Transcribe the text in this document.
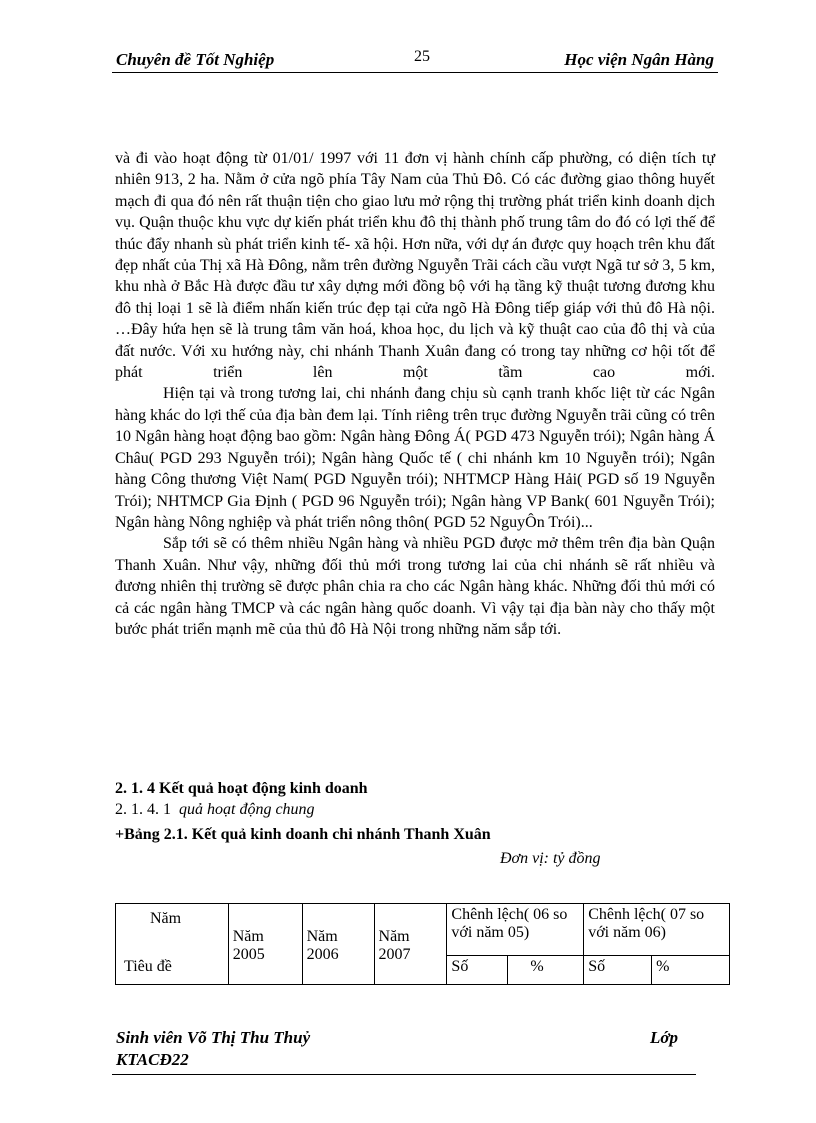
Chuyên đề Tốt Nghiệp	25	Học viện Ngân Hàng

và đi vào hoạt động từ 01/01/ 1997 với 11 đơn vị hành chính cấp phường, có diện tích tự nhiên 913, 2 ha. Nằm ở cửa ngõ phía Tây Nam của Thủ Đô. Có các đường giao thông huyết mạch đi qua đó nên rất thuận tiện cho giao lưu mở rộng thị trường phát triển kinh doanh dịch vụ. Quận thuộc khu vực dự kiến phát triển khu đô thị thành phố trung tâm do đó có lợi thế để thúc đẩy nhanh sù phát triển kinh tế- xã hội. Hơn nữa, với dự án được quy hoạch trên khu đất đẹp nhất của Thị xã Hà Đông, nằm trên đường Nguyễn Trãi cách cầu vượt Ngã tư sở 3, 5 km, khu nhà ở Bắc Hà được đầu tư xây dựng mới đồng bộ với hạ tầng kỹ thuật tương đương khu đô thị loại 1 sẽ là điểm nhấn kiến trúc đẹp tại cửa ngõ Hà Đông tiếp giáp với thủ đô Hà nội. …Đây hứa hẹn sẽ là trung tâm văn hoá, khoa học, du lịch và kỹ thuật cao của đô thị và của đất nước. Với xu hướng này, chi nhánh Thanh Xuân đang có trong tay những cơ hội tốt để phát triển lên một tầm cao mới.

Hiện tại và trong tương lai, chi nhánh đang chịu sù cạnh tranh khốc liệt từ các Ngân hàng khác do lợi thế của địa bàn đem lại. Tính riêng trên trục đường Nguyễn trãi cũng có trên 10 Ngân hàng hoạt động bao gồm: Ngân hàng Đông Á( PGD 473 Nguyễn trói); Ngân hàng Á Châu( PGD 293 Nguyễn trói); Ngân hàng Quốc tế ( chi nhánh km 10 Nguyễn trói); Ngân hàng Công thương Việt Nam( PGD Nguyễn trói); NHTMCP Hàng Hải( PGD số 19 Nguyễn Trói); NHTMCP Gia Định ( PGD 96 Nguyễn trói); Ngân hàng VP Bank( 601 Nguyễn Trói); Ngân hàng Nông nghiệp và phát triển nông thôn( PGD 52 NguyÔn Trói)...

Sắp tới sẽ có thêm nhiều Ngân hàng và nhiều PGD được mở thêm trên địa bàn Quận Thanh Xuân. Như vậy, những đối thủ mới trong tương lai của chi nhánh sẽ rất nhiều và đương nhiên thị trường sẽ được phân chia ra cho các Ngân hàng khác. Những đối thủ mới có cả các ngân hàng TMCP và các ngân hàng quốc doanh. Vì vậy tại địa bàn này cho thấy một bước phát triển mạnh mẽ của thủ đô Hà Nội trong những năm sắp tới.

2. 1. 4 Kết quả hoạt động kinh doanh
2. 1. 4. 1 quả hoạt động chung
+Bảng 2.1. Kết quả kinh doanh chi nhánh Thanh Xuân
Đơn vị: tỷ đồng
Năm
Tiêu đề	Năm 2005	Năm 2006	Năm 2007	Chênh lệch( 06 so với năm 05)		Chênh lệch( 07 so với năm 06)	
				Số	%	Số	%
Sinh viên Võ Thị Thu Thuỷ	Lớp
KTACĐ22
